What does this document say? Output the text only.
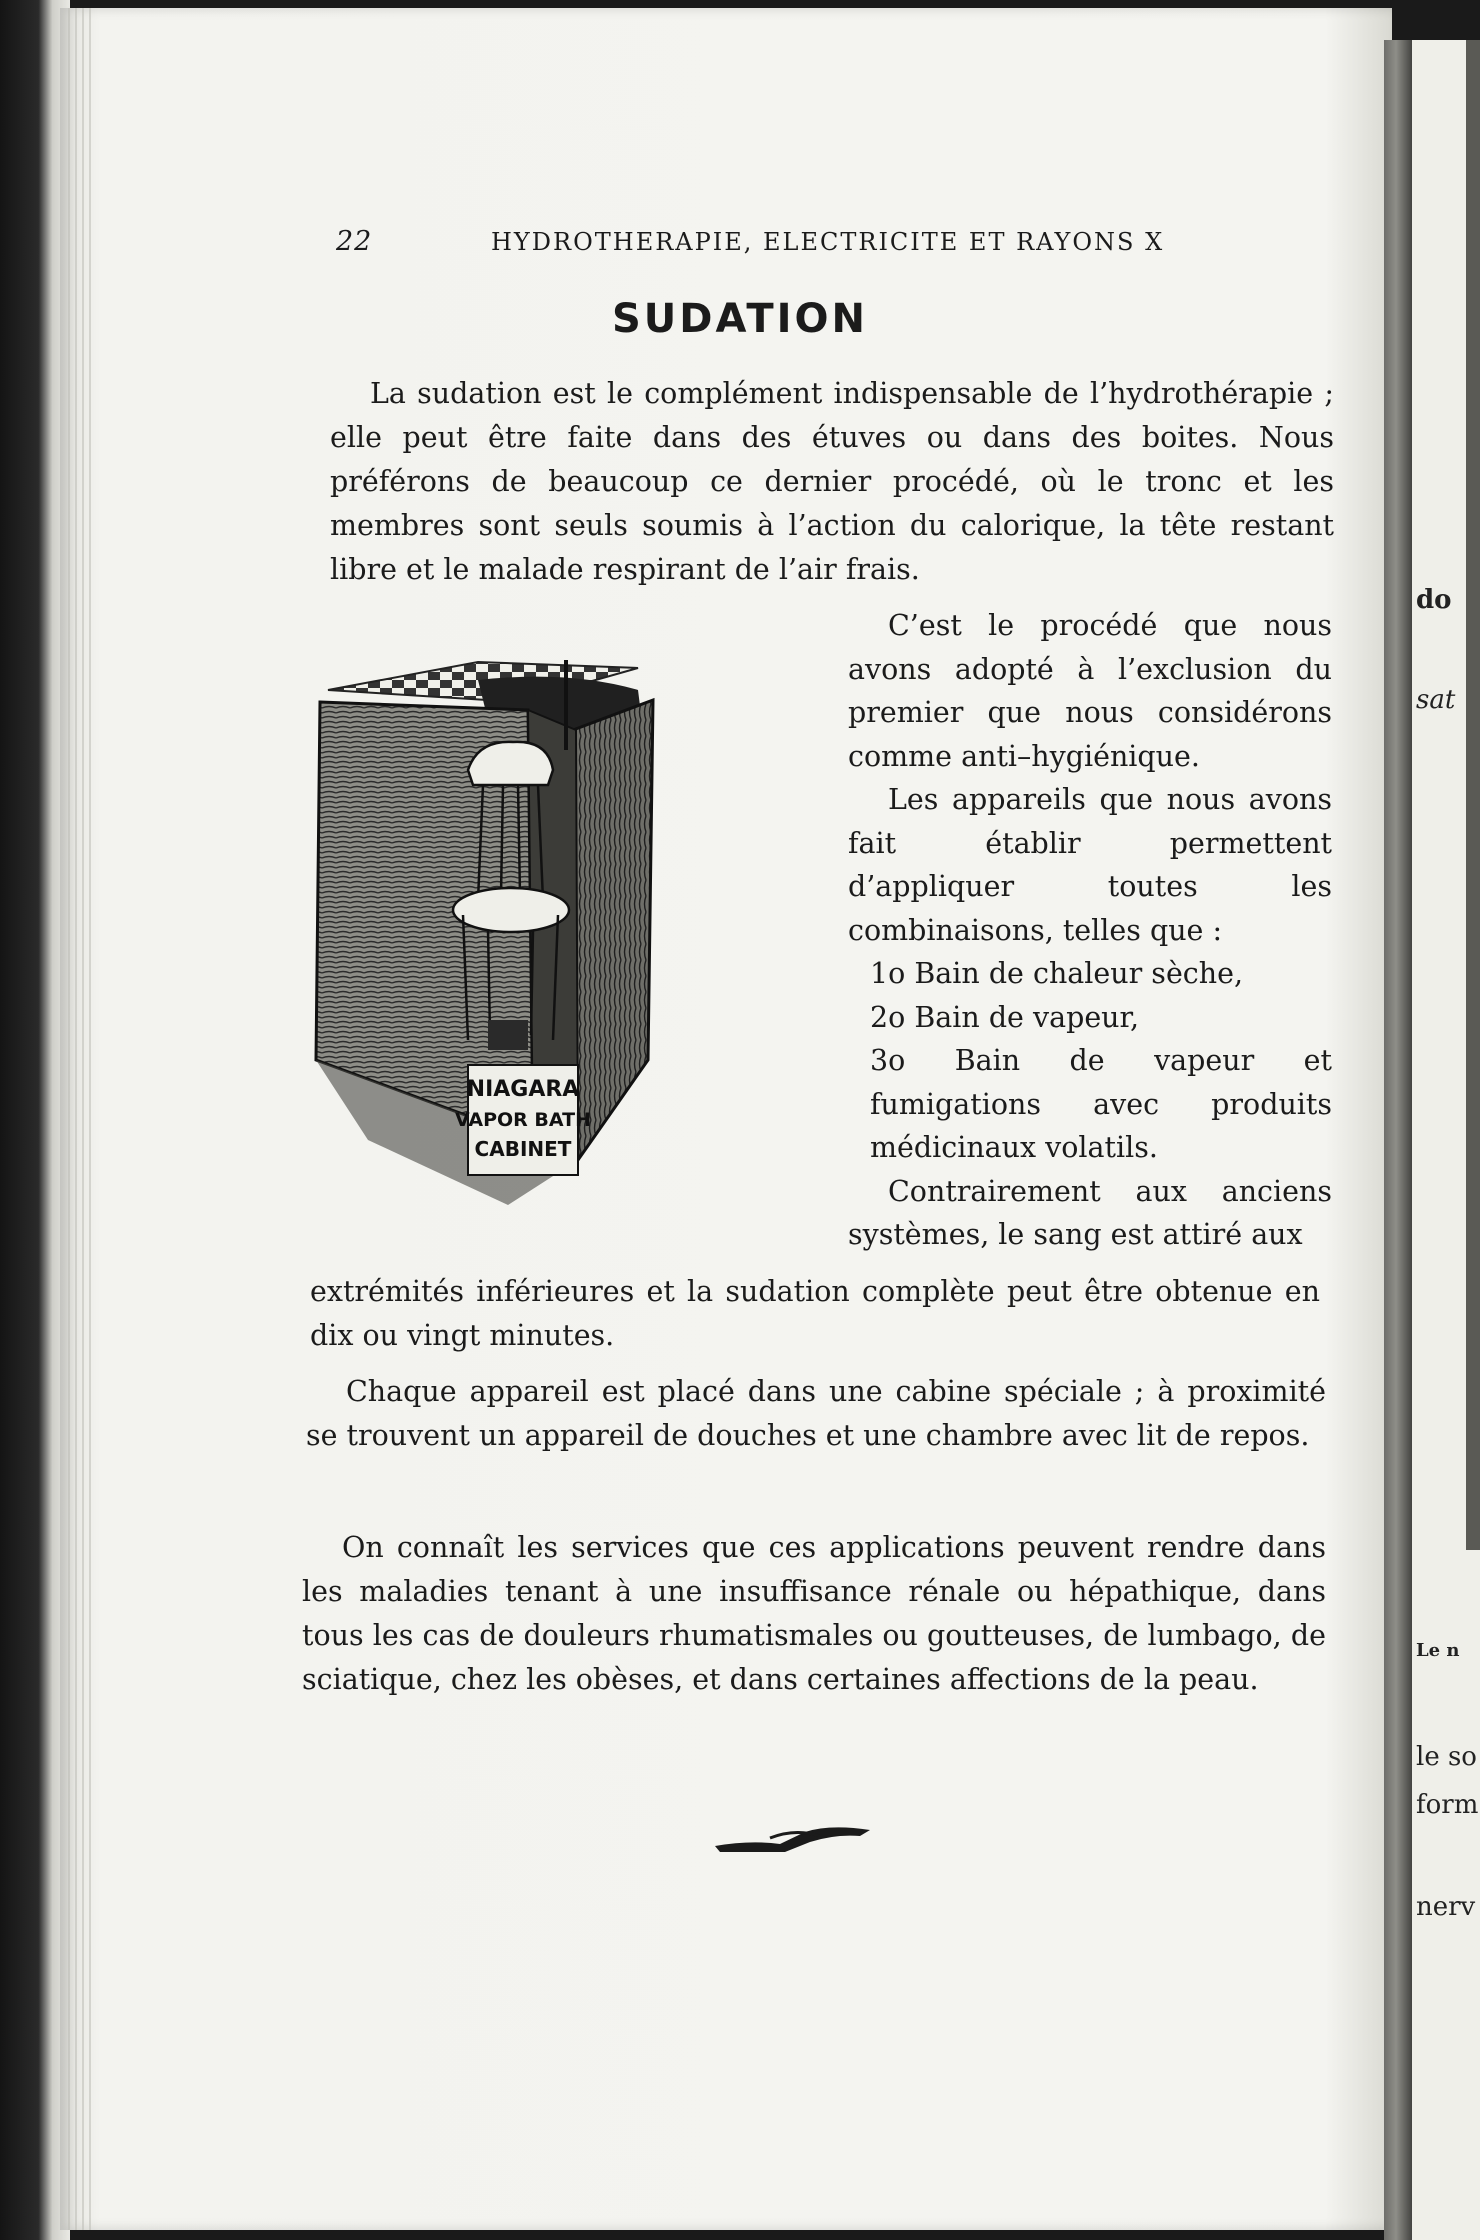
do
sat
Le n
le so
form
nerv
22	HYDROTHERAPIE, ELECTRICITE ET RAYONS X
SUDATION

La sudation est le complément indispensable de l’hydrothérapie ; elle peut être faite dans des étuves ou dans des boites. Nous préférons de beaucoup ce dernier procédé, où le tronc et les membres sont seuls soumis à l’action du calorique, la tête restant libre et le malade respirant de l’air frais.

NIAGARA
VAPOR BATH
CABINET

C’est le procédé que nous avons adopté à l’exclusion du premier que nous considérons comme anti–hygiénique.

Les appareils que nous avons fait établir permettent d’appliquer toutes les combinaisons, telles que :

1o Bain de chaleur sèche,

2o Bain de vapeur,

3o Bain de vapeur et fumigations avec produits médicinaux volatils.

Contrairement aux anciens systèmes, le sang est attiré aux

extrémités inférieures et la sudation complète peut être obtenue en dix ou vingt minutes.

Chaque appareil est placé dans une cabine spéciale ; à proximité se trouvent un appareil de douches et une chambre avec lit de repos.

On connaît les services que ces applications peuvent rendre dans les maladies tenant à une insuffisance rénale ou hépathique, dans tous les cas de douleurs rhumatismales ou goutteuses, de lumbago, de sciatique, chez les obèses, et dans certaines affections de la peau.
